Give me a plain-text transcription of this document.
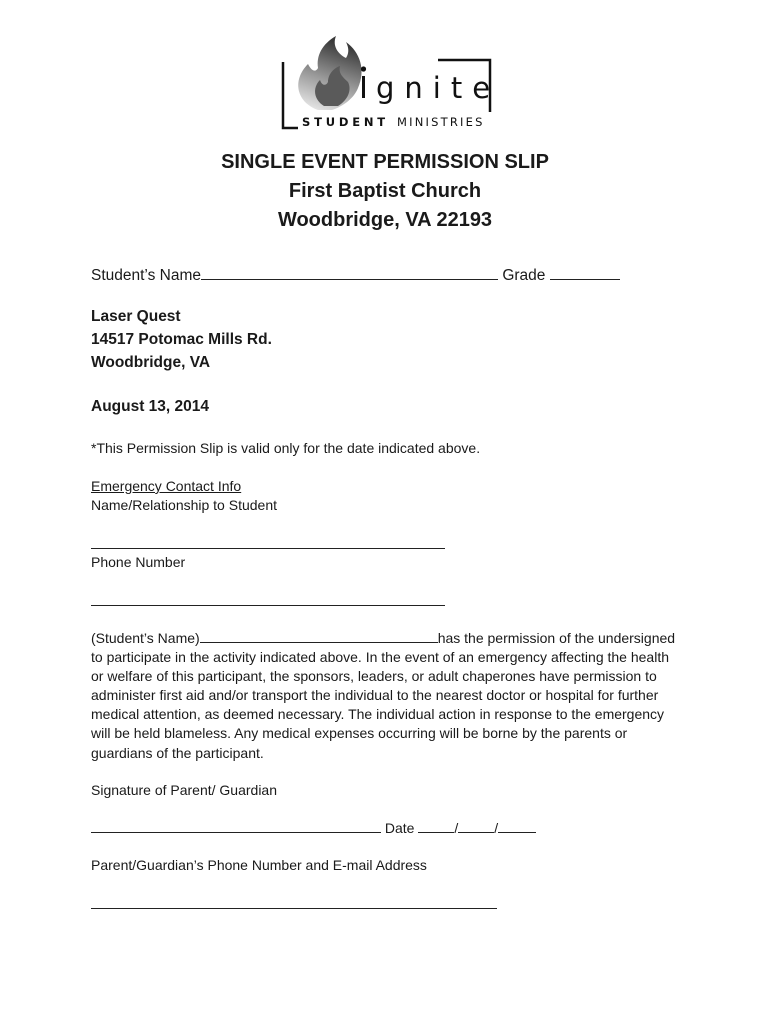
gnite
STUDENT MINISTRIES
SINGLE EVENT PERMISSION SLIP
First Baptist Church
Woodbridge, VA 22193
Student’s Name	Grade
Laser Quest
14517 Potomac Mills Rd.
Woodbridge, VA
August 13, 2014
*This Permission Slip is valid only for the date indicated above.
Emergency Contact Info
Name/Relationship to Student
Phone Number
(Student’s Name)	has the permission of the undersigned
to participate in the activity indicated above. In the event of an emergency affecting the health
or welfare of this participant, the sponsors, leaders, or adult chaperones have permission to
administer first aid and/or transport the individual to the nearest doctor or hospital for further
medical attention, as deemed necessary. The individual action in response to the emergency
will be held blameless. Any medical expenses occurring will be borne by the parents or
guardians of the participant.
Signature of Parent/ Guardian
Date	/	/
Parent/Guardian’s Phone Number and E-mail Address
